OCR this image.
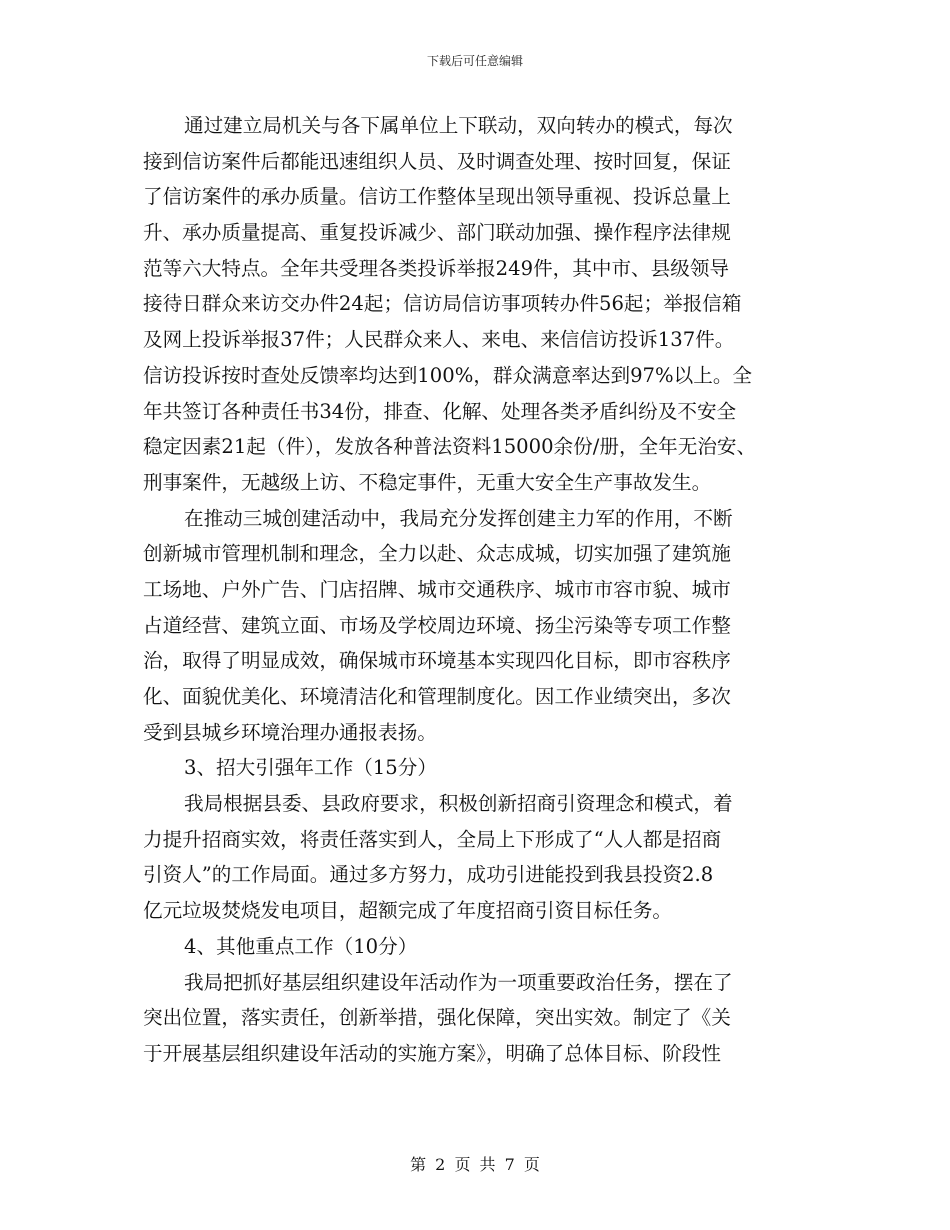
下载后可任意编辑
通过建立局机关与各下属单位上下联动，双向转办的模式，每次
接到信访案件后都能迅速组织人员、及时调查处理、按时回复，保证
了信访案件的承办质量。信访工作整体呈现出领导重视、投诉总量上
升、承办质量提高、重复投诉减少、部门联动加强、操作程序法律规
范等六大特点。全年共受理各类投诉举报249件，其中市、县级领导
接待日群众来访交办件24起；信访局信访事项转办件56起；举报信箱
及网上投诉举报37件；人民群众来人、来电、来信信访投诉137件。
信访投诉按时查处反馈率均达到100%，群众满意率达到97%以上。全
年共签订各种责任书34份，排查、化解、处理各类矛盾纠纷及不安全
稳定因素21起（件），发放各种普法资料15000余份/册，全年无治安、
刑事案件，无越级上访、不稳定事件，无重大安全生产事故发生。
在推动三城创建活动中，我局充分发挥创建主力军的作用，不断
创新城市管理机制和理念，全力以赴、众志成城，切实加强了建筑施
工场地、户外广告、门店招牌、城市交通秩序、城市市容市貌、城市
占道经营、建筑立面、市场及学校周边环境、扬尘污染等专项工作整
治，取得了明显成效，确保城市环境基本实现四化目标，即市容秩序
化、面貌优美化、环境清洁化和管理制度化。因工作业绩突出，多次
受到县城乡环境治理办通报表扬。
3、招大引强年工作（15分）
我局根据县委、县政府要求，积极创新招商引资理念和模式，着
力提升招商实效，将责任落实到人，全局上下形成了“人人都是招商
引资人”的工作局面。通过多方努力，成功引进能投到我县投资2.8
亿元垃圾焚烧发电项目，超额完成了年度招商引资目标任务。
4、其他重点工作（10分）
我局把抓好基层组织建设年活动作为一项重要政治任务，摆在了
突出位置，落实责任，创新举措，强化保障，突出实效。制定了《关
于开展基层组织建设年活动的实施方案》，明确了总体目标、阶段性
第 2 页 共 7 页
